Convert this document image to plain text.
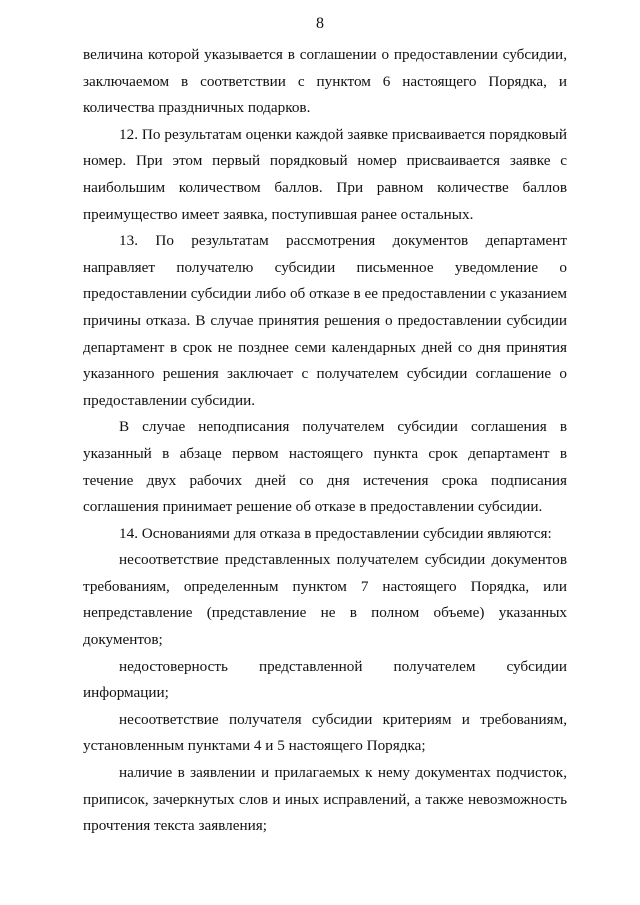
8

величина которой указывается в соглашении о предоставлении субсидии, заключаемом в соответствии с пунктом 6 настоящего Порядка, и количества праздничных подарков.

12. По результатам оценки каждой заявке присваивается порядковый номер. При этом первый порядковый номер присваивается заявке с наибольшим количеством баллов. При равном количестве баллов преимущество имеет заявка, поступившая ранее остальных.

13. По результатам рассмотрения документов департамент направляет получателю субсидии письменное уведомление о предоставлении субсидии либо об отказе в ее предоставлении с указанием причины отказа. В случае принятия решения о предоставлении субсидии департамент в срок не позднее семи календарных дней со дня принятия указанного решения заключает с получателем субсидии соглашение о предоставлении субсидии.

В случае неподписания получателем субсидии соглашения в указанный в абзаце первом настоящего пункта срок департамент в течение двух рабочих дней со дня истечения срока подписания соглашения принимает решение об отказе в предоставлении субсидии.

14. Основаниями для отказа в предоставлении субсидии являются:

несоответствие представленных получателем субсидии документов требованиям, определенным пунктом 7 настоящего Порядка, или непредставление (представление не в полном объеме) указанных документов;

недостоверность представленной получателем субсидии информации;

несоответствие получателя субсидии критериям и требованиям, установленным пунктами 4 и 5 настоящего Порядка;

наличие в заявлении и прилагаемых к нему документах подчисток, приписок, зачеркнутых слов и иных исправлений, а также невозможность прочтения текста заявления;
